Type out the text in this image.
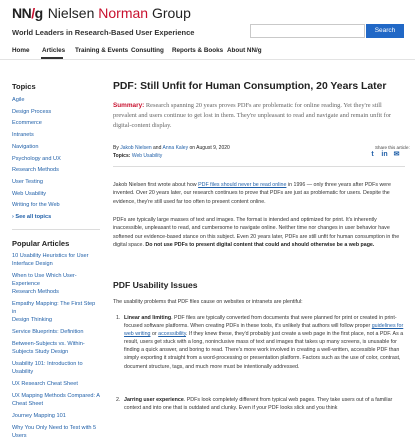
NN/g Nielsen Norman Group
World Leaders in Research-Based User Experience	Search
Home Articles Training & Events Consulting Reports & Books About NN/g
Topics
Agile
Design Process
Ecommerce
Intranets
Navigation
Psychology and UX
Research Methods
User Testing
Web Usability
Writing for the Web
› See all topics
Popular Articles
10 Usability Heuristics for User
Interface Design
When to Use Which User-Experience
Research Methods
Empathy Mapping: The First Step in
Design Thinking
Service Blueprints: Definition
Between-Subjects vs. Within-
Subjects Study Design
Usability 101: Introduction to
Usability
UX Research Cheat Sheet
UX Mapping Methods Compared: A
Cheat Sheet
Journey Mapping 101
Why You Only Need to Test with 5
Users
PDF: Still Unfit for Human Consumption, 20 Years Later
Summary: Research spanning 20 years proves PDFs are problematic for online reading. Yet they're still prevalent and users continue to get lost in them. They're unpleasant to read and navigate and remain unfit for digital-content display.
By Jakob Nielsen and Anna Kaley on August 9, 2020
Topics: Web Usability
Share this article:
t	in ✉

Jakob Nielsen first wrote about how PDF files should never be read online in 1996 — only three years after PDFs were invented. Over 20 years later, our research continues to prove that PDFs are just as problematic for users. Despite the evidence, they're still used far too often to present content online.

PDFs are typically large masses of text and images. The format is intended and optimized for print. It's inherently inaccessible, unpleasant to read, and cumbersome to navigate online. Neither time nor changes in user behavior have softened our evidence-based stance on this subject. Even 20 years later, PDFs are still unfit for human consumption in the digital space. Do not use PDFs to present digital content that could and should otherwise be a web page.

PDF Usability Issues

The usability problems that PDF files cause on websites or intranets are plentiful:

1. Linear and limiting. PDF files are typically converted from documents that were planned for print or created in print-focused software platforms. When creating PDFs in these tools, it's unlikely that authors will follow proper guidelines for web writing or accessibility. If they knew these, they'd probably just create a web page in the first place, not a PDF. As a result, users get stuck with a long, noninclusive mass of text and images that takes up many screens, is unusable for finding a quick answer, and boring to read. There's more work involved in creating a well-written, accessible PDF than simply exporting it straight from a word-processing or presentation platform. Factors such as the use of color, contrast, document structure, tags, and much more must be intentionally addressed.
2. Jarring user experience. PDFs look completely different from typical web pages. They take users out of a familiar context and into one that is outdated and clunky. Even if your PDF looks slick and you think
